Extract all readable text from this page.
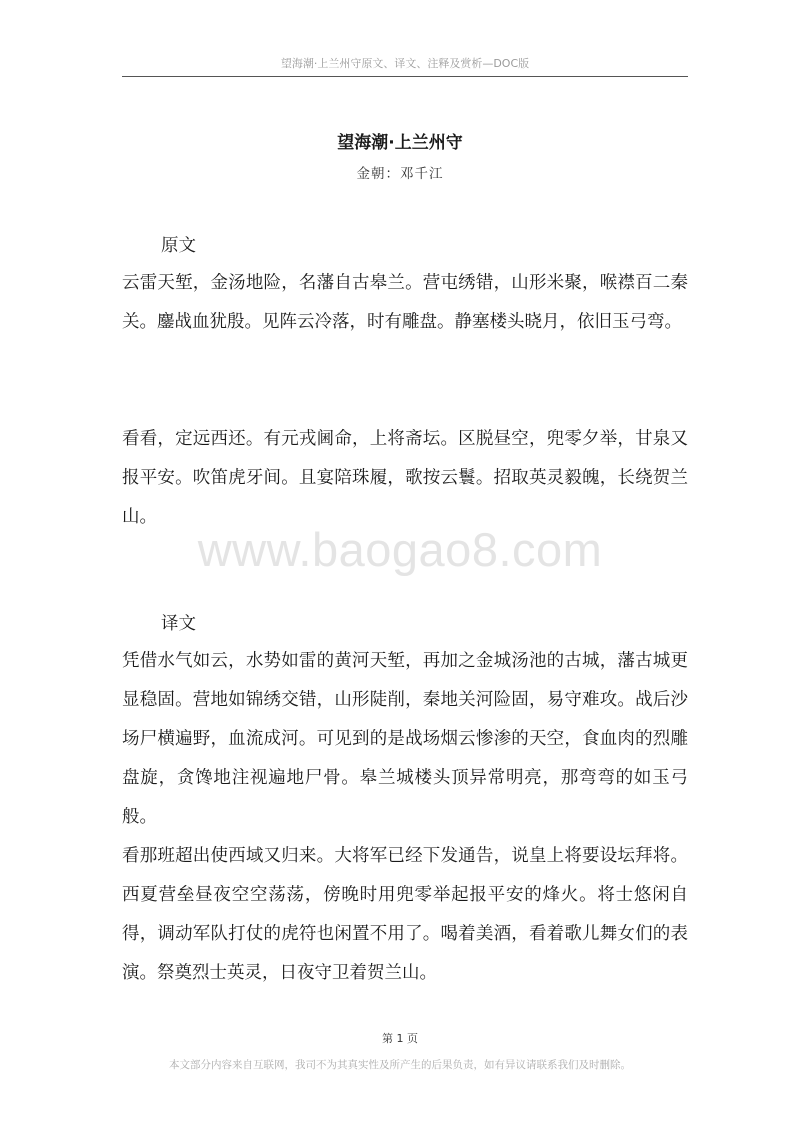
望海潮·上兰州守原文、译文、注释及赏析—DOC版
望海潮·上兰州守
金朝：邓千江
原文

云雷天堑，金汤地险，名藩自古皋兰。营屯绣错，山形米聚，喉襟百二秦关。鏖战血犹殷。见阵云冷落，时有雕盘。静塞楼头晓月，依旧玉弓弯。

看看，定远西还。有元戎阃命，上将斋坛。区脱昼空，兜零夕举，甘泉又报平安。吹笛虎牙间。且宴陪珠履，歌按云鬟。招取英灵毅魄，长绕贺兰山。

www.baogao8.com
译文

凭借水气如云，水势如雷的黄河天堑，再加之金城汤池的古城，藩古城更显稳固。营地如锦绣交错，山形陡削，秦地关河险固，易守难攻。战后沙场尸横遍野，血流成河。可见到的是战场烟云惨渗的天空，食血肉的烈雕盘旋，贪馋地注视遍地尸骨。皋兰城楼头顶异常明亮，那弯弯的如玉弓般。

看那班超出使西域又归来。大将军已经下发通告，说皇上将要设坛拜将。西夏营垒昼夜空空荡荡，傍晚时用兜零举起报平安的烽火。将士悠闲自得，调动军队打仗的虎符也闲置不用了。喝着美酒，看着歌儿舞女们的表演。祭奠烈士英灵，日夜守卫着贺兰山。

第 1 页
本文部分内容来自互联网，我司不为其真实性及所产生的后果负责，如有异议请联系我们及时删除。
